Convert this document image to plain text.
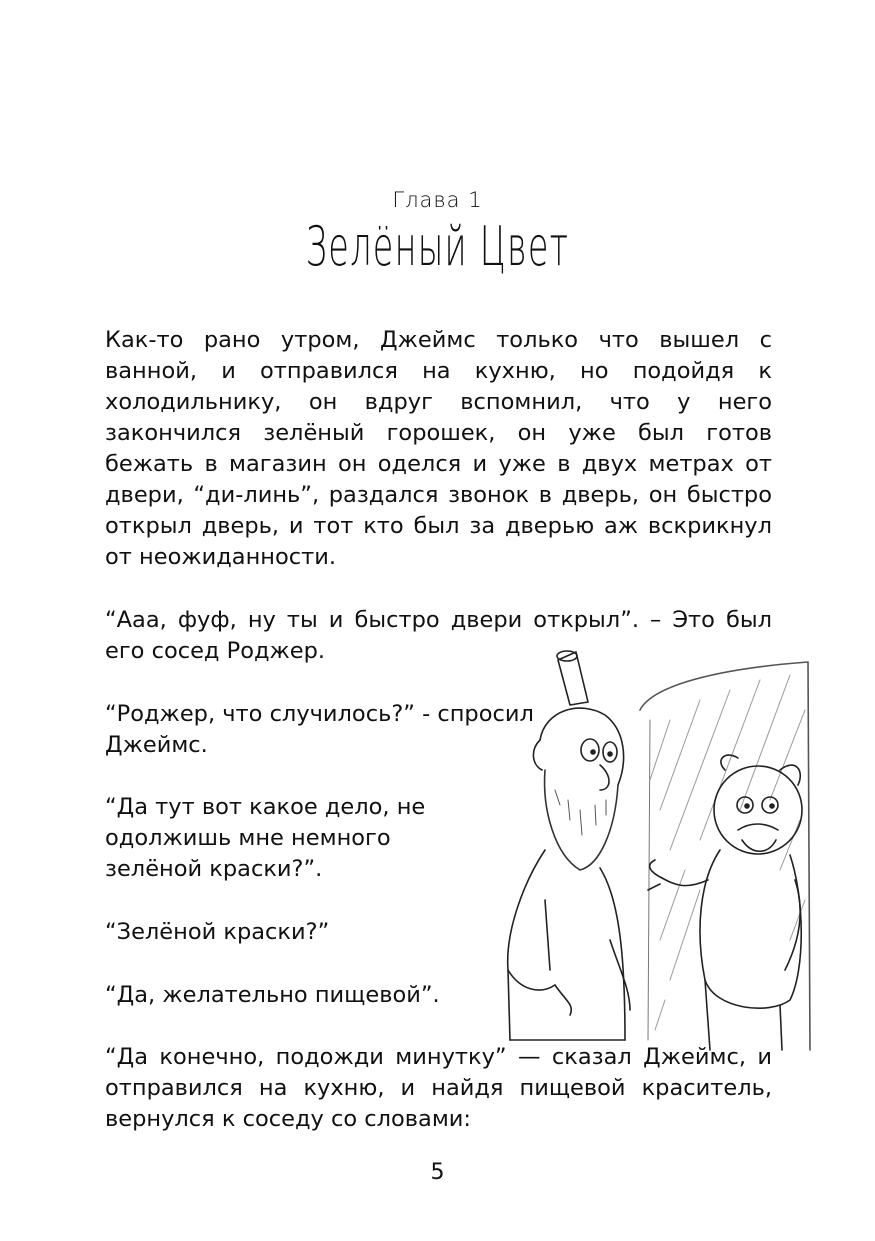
Глава 1
Зелёный Цвет
Как-то рано утром, Джеймс только что вышел с
ванной, и отправился на кухню, но подойдя к
холодильнику, он вдруг вспомнил, что у него
закончился зелёный горошек, он уже был готов
бежать в магазин он оделся и уже в двух метрах от
двери, “ди-линь”, раздался звонок в дверь, он быстро
открыл дверь, и тот кто был за дверью аж вскрикнул
от неожиданности.
“Ааа, фуф, ну ты и быстро двери открыл”. – Это был
его сосед Роджер.
“Роджер, что случилось?” - спросил
Джеймс.
“Да тут вот какое дело, не
одолжишь мне немного
зелёной краски?”.
“Зелёной краски?”
“Да, желательно пищевой”.
“Да конечно, подожди минутку” — сказал Джеймс, и
отправился на кухню, и найдя пищевой краситель,
вернулся к соседу со словами:
5
